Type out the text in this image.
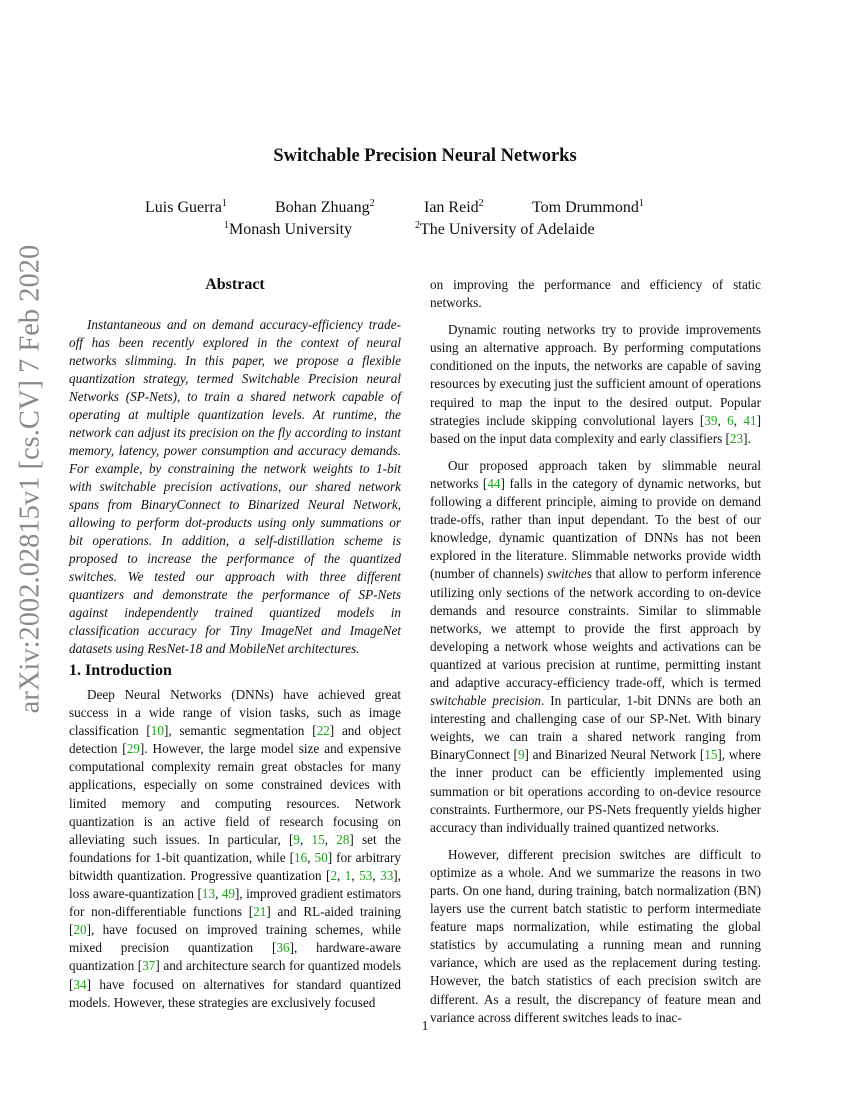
arXiv:2002.02815v1 [cs.CV] 7 Feb 2020
Switchable Precision Neural Networks
Luis Guerra$^1$	Bohan Zhuang$^2$	Ian Reid$^2$	Tom Drummond$^1$
$^1$Monash University	$^2$The University of Adelaide
Abstract

Instantaneous and on demand accuracy-efficiency trade-off has been recently explored in the context of neural networks slimming. In this paper, we propose a flexible quantization strategy, termed Switchable Precision neural Networks (SP-Nets), to train a shared network capable of operating at multiple quantization levels. At runtime, the network can adjust its precision on the fly according to instant memory, latency, power consumption and accuracy demands. For example, by constraining the network weights to 1-bit with switchable precision activations, our shared network spans from BinaryConnect to Binarized Neural Network, allowing to perform dot-products using only summations or bit operations. In addition, a self-distillation scheme is proposed to increase the performance of the quantized switches. We tested our approach with three different quantizers and demonstrate the performance of SP-Nets against independently trained quantized models in classification accuracy for Tiny ImageNet and ImageNet datasets using ResNet-18 and MobileNet architectures.

1. Introduction

Deep Neural Networks (DNNs) have achieved great success in a wide range of vision tasks, such as image classification [10], semantic segmentation [22] and object detection [29]. However, the large model size and expensive computational complexity remain great obstacles for many applications, especially on some constrained devices with limited memory and computing resources. Network quantization is an active field of research focusing on alleviating such issues. In particular, [9, 15, 28] set the foundations for 1-bit quantization, while [16, 50] for arbitrary bitwidth quantization. Progressive quantization [2, 1, 53, 33], loss aware-quantization [13, 49], improved gradient estimators for non-differentiable functions [21] and RL-aided training [20], have focused on improved training schemes, while mixed precision quantization [36], hardware-aware quantization [37] and architecture search for quantized models [34] have focused on alternatives for standard quantized models. However, these strategies are exclusively focused

on improving the performance and efficiency of static networks.

Dynamic routing networks try to provide improvements using an alternative approach. By performing computations conditioned on the inputs, the networks are capable of saving resources by executing just the sufficient amount of operations required to map the input to the desired output. Popular strategies include skipping convolutional layers [39, 6, 41] based on the input data complexity and early classifiers [23].

Our proposed approach taken by slimmable neural networks [44] falls in the category of dynamic networks, but following a different principle, aiming to provide on demand trade-offs, rather than input dependant. To the best of our knowledge, dynamic quantization of DNNs has not been explored in the literature. Slimmable networks provide width (number of channels) switches that allow to perform inference utilizing only sections of the network according to on-device demands and resource constraints. Similar to slimmable networks, we attempt to provide the first approach by developing a network whose weights and activations can be quantized at various precision at runtime, permitting instant and adaptive accuracy-efficiency trade-off, which is termed switchable precision. In particular, 1-bit DNNs are both an interesting and challenging case of our SP-Net. With binary weights, we can train a shared network ranging from BinaryConnect [9] and Binarized Neural Network [15], where the inner product can be efficiently implemented using summation or bit operations according to on-device resource constraints. Furthermore, our PS-Nets frequently yields higher accuracy than individually trained quantized networks.

However, different precision switches are difficult to optimize as a whole. And we summarize the reasons in two parts. On one hand, during training, batch normalization (BN) layers use the current batch statistic to perform intermediate feature maps normalization, while estimating the global statistics by accumulating a running mean and running variance, which are used as the replacement during testing. However, the batch statistics of each precision switch are different. As a result, the discrepancy of feature mean and variance across different switches leads to inac-

1
